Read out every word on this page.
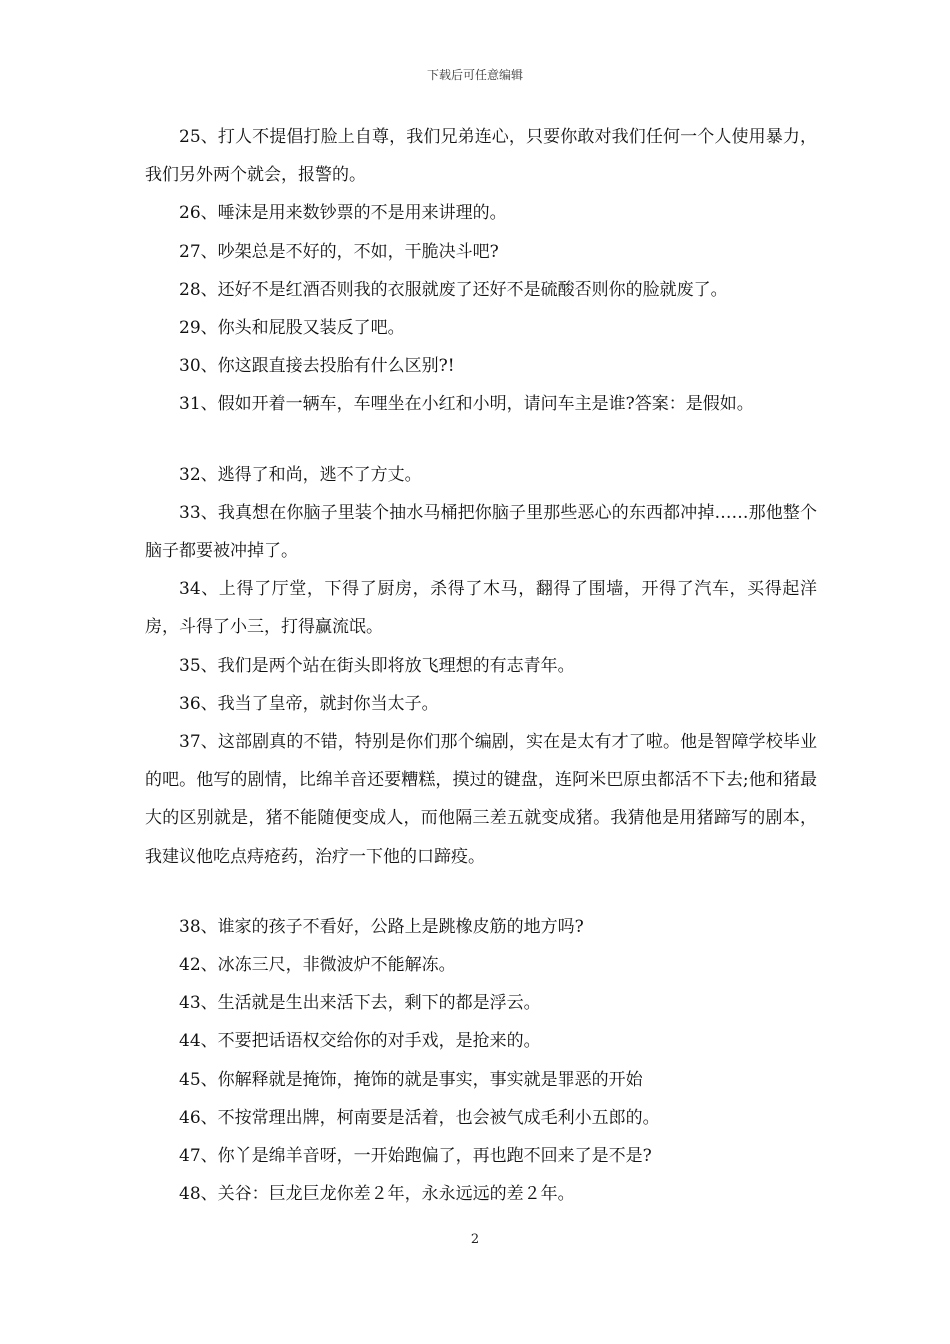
下载后可任意编辑

25、打人不提倡打脸上自尊，我们兄弟连心，只要你敢对我们任何一个人使用暴力，我们另外两个就会，报警的。

26、唾沫是用来数钞票的不是用来讲理的。

27、吵架总是不好的，不如，干脆决斗吧?

28、还好不是红酒否则我的衣服就废了还好不是硫酸否则你的脸就废了。

29、你头和屁股又装反了吧。

30、你这跟直接去投胎有什么区别?!

31、假如开着一辆车，车哩坐在小红和小明，请问车主是谁?答案：是假如。

32、逃得了和尚，逃不了方丈。

33、我真想在你脑子里装个抽水马桶把你脑子里那些恶心的东西都冲掉……那他整个脑子都要被冲掉了。

34、上得了厅堂，下得了厨房，杀得了木马，翻得了围墙，开得了汽车，买得起洋房，斗得了小三，打得赢流氓。

35、我们是两个站在街头即将放飞理想的有志青年。

36、我当了皇帝，就封你当太子。

37、这部剧真的不错，特别是你们那个编剧，实在是太有才了啦。他是智障学校毕业的吧。他写的剧情，比绵羊音还要糟糕，摸过的键盘，连阿米巴原虫都活不下去;他和猪最大的区别就是，猪不能随便变成人，而他隔三差五就变成猪。我猜他是用猪蹄写的剧本，我建议他吃点痔疮药，治疗一下他的口蹄疫。

38、谁家的孩子不看好，公路上是跳橡皮筋的地方吗?

42、冰冻三尺，非微波炉不能解冻。

43、生活就是生出来活下去，剩下的都是浮云。

44、不要把话语权交给你的对手戏，是抢来的。

45、你解释就是掩饰，掩饰的就是事实，事实就是罪恶的开始

46、不按常理出牌，柯南要是活着，也会被气成毛利小五郎的。

47、你丫是绵羊音呀，一开始跑偏了，再也跑不回来了是不是?

48、关谷：巨龙巨龙你差２年，永永远远的差２年。

2
